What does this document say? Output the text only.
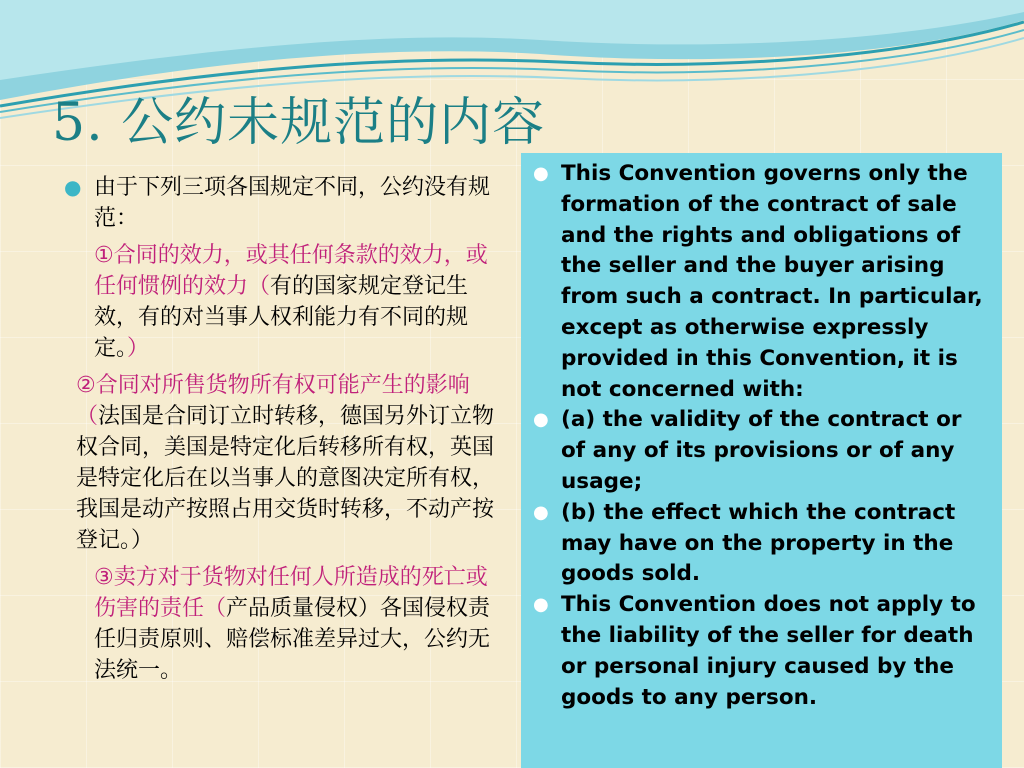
5. 公约未规范的内容
● 由于下列三项各国规定不同，公约没有规范：

①合同的效力，或其任何条款的效力，或任何惯例的效力（有的国家规定登记生效，有的对当事人权利能力有不同的规定。）
②合同对所售货物所有权可能产生的影响（法国是合同订立时转移，德国另外订立物权合同，美国是特定化后转移所有权，英国是特定化后在以当事人的意图决定所有权，我国是动产按照占用交货时转移，不动产按登记。）
③卖方对于货物对任何人所造成的死亡或伤害的责任（产品质量侵权）各国侵权责任归责原则、赔偿标准差异过大，公约无法统一。
● This Convention governs only the formation of the contract of sale and the rights and obligations of the seller and the buyer arising from such a contract. In particular, except as otherwise expressly provided in this Convention, it is not concerned with:
● (a) the validity of the contract or of any of its provisions or of any usage;
● (b) the effect which the contract may have on the property in the goods sold.
● This Convention does not apply to the liability of the seller for death or personal injury caused by the goods to any person.
